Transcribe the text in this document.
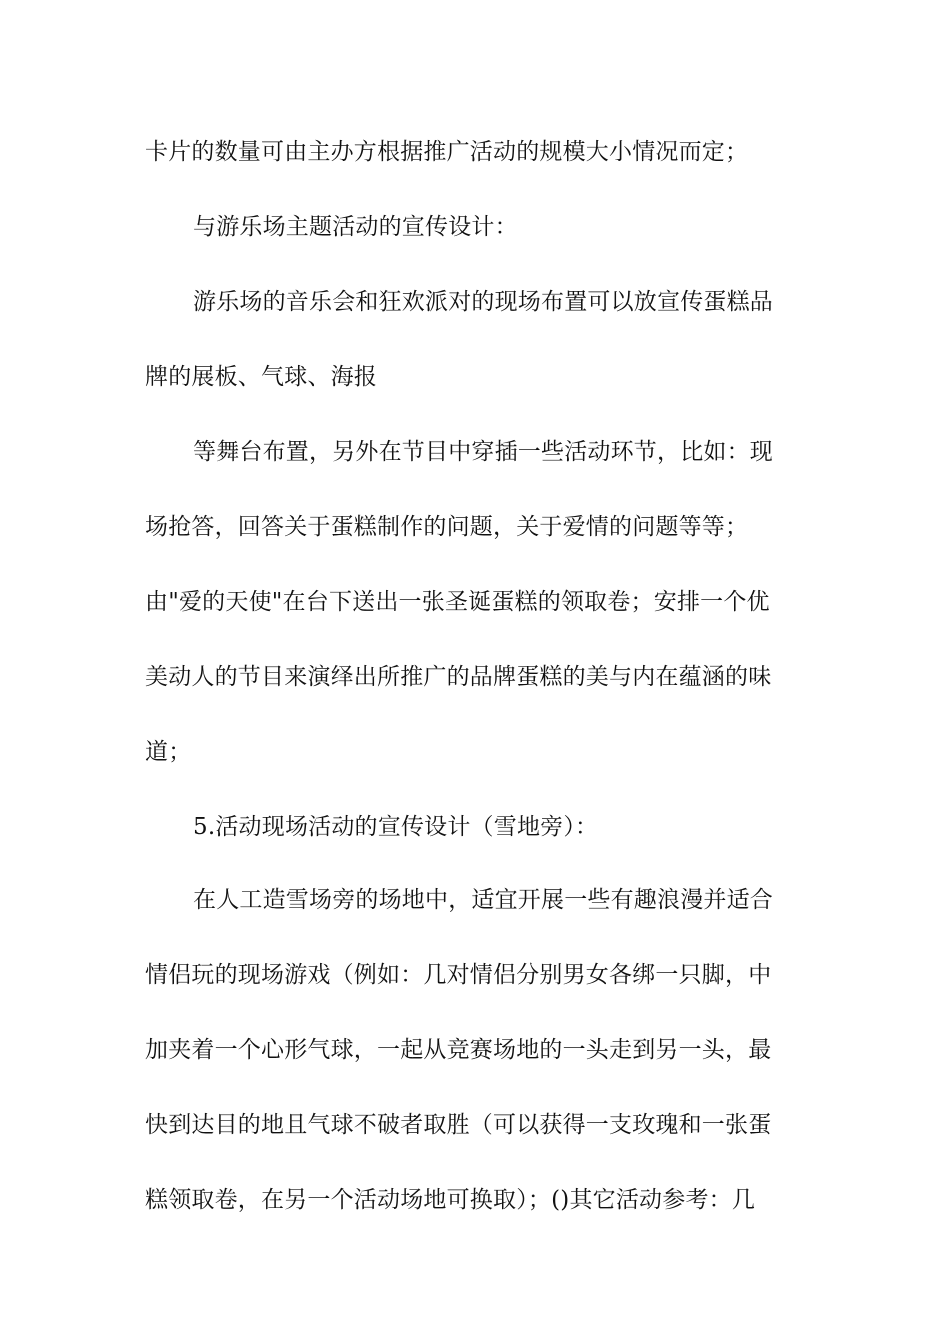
卡片的数量可由主办方根据推广活动的规模大小情况而定；
与游乐场主题活动的宣传设计：
游乐场的音乐会和狂欢派对的现场布置可以放宣传蛋糕品
牌的展板、气球、海报
等舞台布置，另外在节目中穿插一些活动环节，比如：现
场抢答，回答关于蛋糕制作的问题，关于爱情的问题等等；
由"爱的天使"在台下送出一张圣诞蛋糕的领取卷；安排一个优
美动人的节目来演绎出所推广的品牌蛋糕的美与内在蕴涵的味
道；
5.活动现场活动的宣传设计（雪地旁）：
在人工造雪场旁的场地中，适宜开展一些有趣浪漫并适合
情侣玩的现场游戏（例如：几对情侣分别男女各绑一只脚，中
加夹着一个心形气球，一起从竞赛场地的一头走到另一头，最
快到达目的地且气球不破者取胜（可以获得一支玫瑰和一张蛋
糕领取卷，在另一个活动场地可换取）；()其它活动参考：几
